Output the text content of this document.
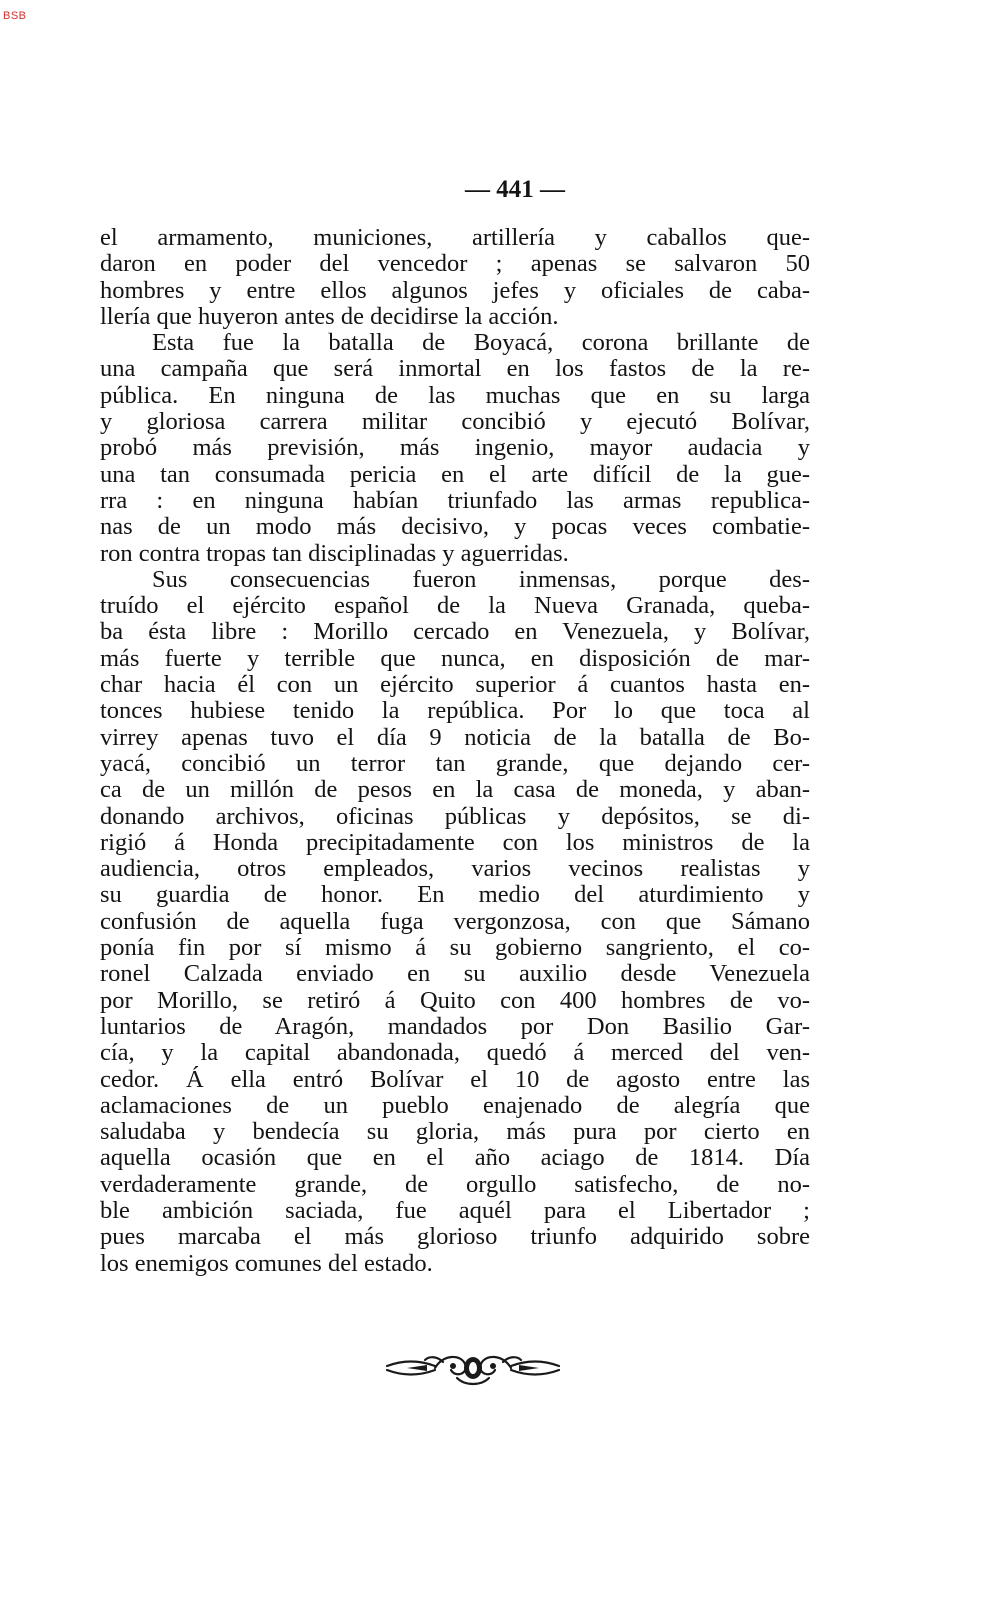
BSB
— 441 —
el armamento, municiones, artillería y caballos que-
daron en poder del vencedor ; apenas se salvaron 50
hombres y entre ellos algunos jefes y oficiales de caba-
llería que huyeron antes de decidirse la acción.
Esta fue la batalla de Boyacá, corona brillante de
una campaña que será inmortal en los fastos de la re-
pública. En ninguna de las muchas que en su larga
y gloriosa carrera militar concibió y ejecutó Bolívar,
probó más previsión, más ingenio, mayor audacia y
una tan consumada pericia en el arte difícil de la gue-
rra : en ninguna habían triunfado las armas republica-
nas de un modo más decisivo, y pocas veces combatie-
ron contra tropas tan disciplinadas y aguerridas.
Sus consecuencias fueron inmensas, porque des-
truído el ejército español de la Nueva Granada, queba-
ba ésta libre : Morillo cercado en Venezuela, y Bolívar,
más fuerte y terrible que nunca, en disposición de mar-
char hacia él con un ejército superior á cuantos hasta en-
tonces hubiese tenido la república. Por lo que toca al
virrey apenas tuvo el día 9 noticia de la batalla de Bo-
yacá, concibió un terror tan grande, que dejando cer-
ca de un millón de pesos en la casa de moneda, y aban-
donando archivos, oficinas públicas y depósitos, se di-
rigió á Honda precipitadamente con los ministros de la
audiencia, otros empleados, varios vecinos realistas y
su guardia de honor. En medio del aturdimiento y
confusión de aquella fuga vergonzosa, con que Sámano
ponía fin por sí mismo á su gobierno sangriento, el co-
ronel Calzada enviado en su auxilio desde Venezuela
por Morillo, se retiró á Quito con 400 hombres de vo-
luntarios de Aragón, mandados por Don Basilio Gar-
cía, y la capital abandonada, quedó á merced del ven-
cedor. Á ella entró Bolívar el 10 de agosto entre las
aclamaciones de un pueblo enajenado de alegría que
saludaba y bendecía su gloria, más pura por cierto en
aquella ocasión que en el año aciago de 1814. Día
verdaderamente grande, de orgullo satisfecho, de no-
ble ambición saciada, fue aquél para el Libertador ;
pues marcaba el más glorioso triunfo adquirido sobre
los enemigos comunes del estado.
